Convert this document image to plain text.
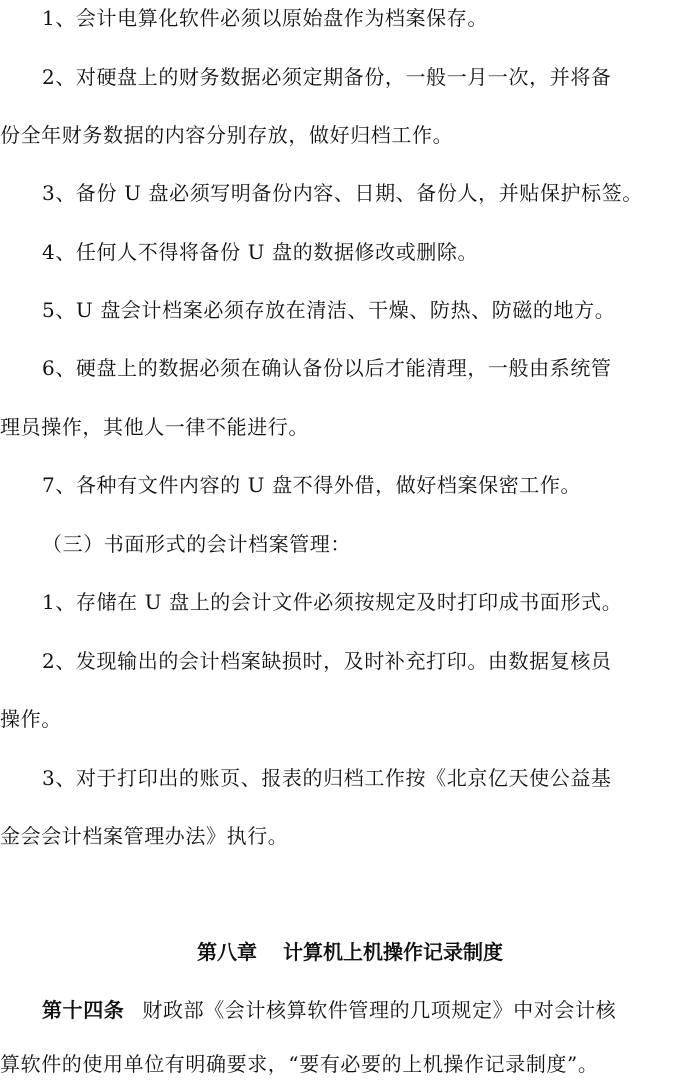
1、会计电算化软件必须以原始盘作为档案保存。
2、对硬盘上的财务数据必须定期备份，一般一月一次，并将备
份全年财务数据的内容分别存放，做好归档工作。
3、备份 U 盘必须写明备份内容、日期、备份人，并贴保护标签。
4、任何人不得将备份 U 盘的数据修改或删除。
5、U 盘会计档案必须存放在清洁、干燥、防热、防磁的地方。
6、硬盘上的数据必须在确认备份以后才能清理，一般由系统管
理员操作，其他人一律不能进行。
7、各种有文件内容的 U 盘不得外借，做好档案保密工作。
（三）书面形式的会计档案管理：
1、存储在 U 盘上的会计文件必须按规定及时打印成书面形式。
2、发现输出的会计档案缺损时，及时补充打印。由数据复核员
操作。
3、对于打印出的账页、报表的归档工作按《北京亿天使公益基
金会会计档案管理办法》执行。
第八章 计算机上机操作记录制度
第十四条 财政部《会计核算软件管理的几项规定》中对会计核
算软件的使用单位有明确要求，“要有必要的上机操作记录制度”。
